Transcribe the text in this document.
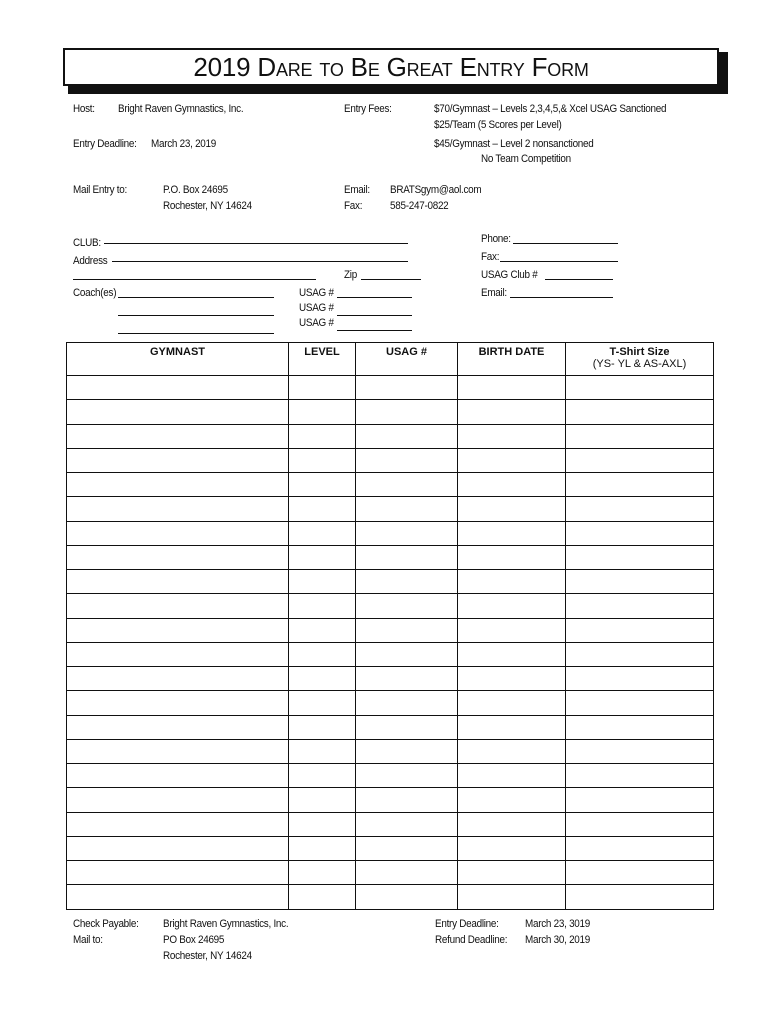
2019 Dare to Be Great Entry Form
Host: Bright Raven Gymnastics, Inc.	Entry Fees:	$70/Gymnast – Levels 2,3,4,5,& Xcel USAG Sanctioned
$25/Team (5 Scores per Level)
Entry Deadline: March 23, 2019	$45/Gymnast – Level 2 nonsanctioned
No Team Competition
Mail Entry to:	P.O. Box 24695
Rochester, NY 14624
Email: BRATSgym@aol.com
Fax:	585-247-0822
CLUB:
Address
Zip
Coach(es)	USAG #
USAG #
USAG #
Phone:
Fax:
USAG Club #
Email:
GYMNAST	LEVEL	USAG #	BIRTH DATE	T-Shirt Size
(YS- YL & AS-AXL)

Check Payable: Bright Raven Gymnastics, Inc.
Mail to:	PO Box 24695
Rochester, NY 14624
Entry Deadline: March 23, 3019
Refund Deadline: March 30, 2019
